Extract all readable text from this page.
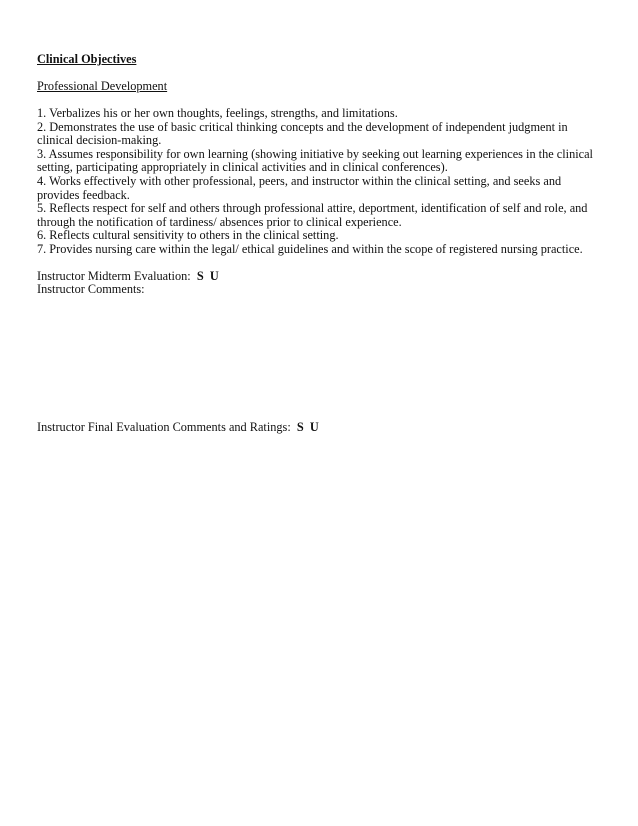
Clinical Objectives
Professional Development
1. Verbalizes his or her own thoughts, feelings, strengths, and limitations.
2. Demonstrates the use of basic critical thinking concepts and the development of independent judgment in clinical decision-making.
3. Assumes responsibility for own learning (showing initiative by seeking out learning experiences in the clinical setting, participating appropriately in clinical activities and in clinical conferences).
4. Works effectively with other professional, peers, and instructor within the clinical setting, and seeks and provides feedback.
5. Reflects respect for self and others through professional attire, deportment, identification of self and role, and through the notification of tardiness/ absences prior to clinical experience.
6. Reflects cultural sensitivity to others in the clinical setting.
7. Provides nursing care within the legal/ ethical guidelines and within the scope of registered nursing practice.
Instructor Midterm Evaluation: S  U
Instructor Comments:
Instructor Final Evaluation Comments and Ratings: S  U
